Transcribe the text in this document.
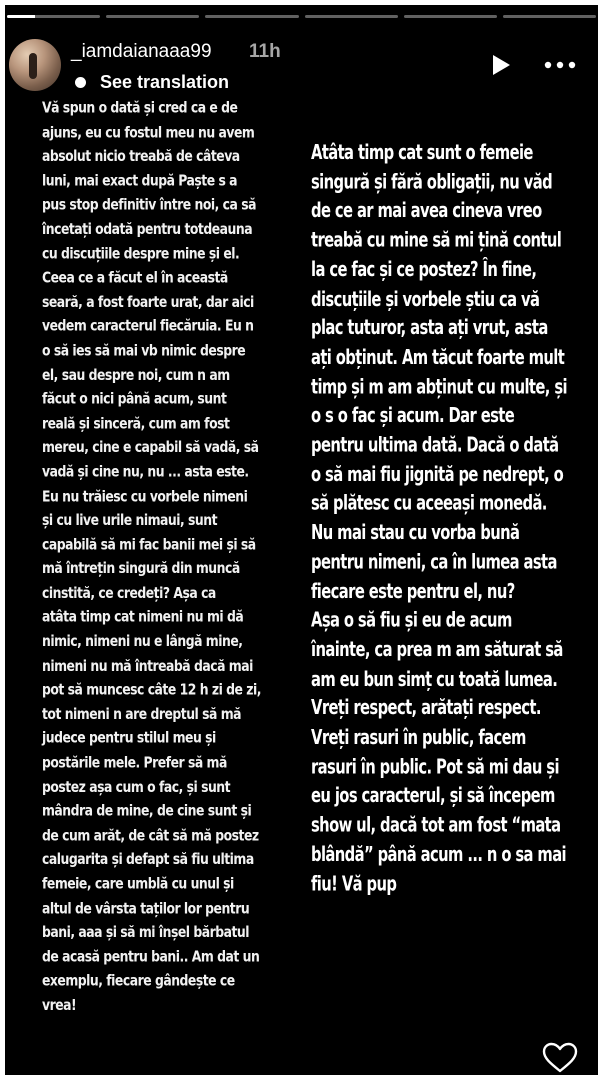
_iamdaianaaa99 11h
See translation
Vă spun o dată și cred ca e de
ajuns, eu cu fostul meu nu avem
absolut nicio treabă de câteva
luni, mai exact după Paște s a
pus stop definitiv între noi, ca să
încetați odată pentru totdeauna
cu discuțiile despre mine și el.
Ceea ce a făcut el în această
seară, a fost foarte urat, dar aici
vedem caracterul fiecăruia. Eu n
o să ies să mai vb nimic despre
el, sau despre noi, cum n am
făcut o nici până acum, sunt
reală și sinceră, cum am fost
mereu, cine e capabil să vadă, să
vadă și cine nu, nu ... asta este.
Eu nu trăiesc cu vorbele nimeni
și cu live urile nimaui, sunt
capabilă să mi fac banii mei și să
mă întrețin singură din muncă
cinstită, ce credeți? Așa ca
atâta timp cat nimeni nu mi dă
nimic, nimeni nu e lângă mine,
nimeni nu mă întreabă dacă mai
pot să muncesc câte 12 h zi de zi,
tot nimeni n are dreptul să mă
judece pentru stilul meu și
postările mele. Prefer să mă
postez așa cum o fac, și sunt
mândra de mine, de cine sunt și
de cum arăt, de cât să mă postez
calugarita și defapt să fiu ultima
femeie, care umblă cu unul și
altul de vârsta taților lor pentru
bani, aaa și să mi înșel bărbatul
de acasă pentru bani.. Am dat un
exemplu, fiecare gândește ce
vrea!
Atâta timp cat sunt o femeie
singură și fără obligații, nu văd
de ce ar mai avea cineva vreo
treabă cu mine să mi țină contul
la ce fac și ce postez? În fine,
discuțiile și vorbele știu ca vă
plac tuturor, asta ați vrut, asta
ați obținut. Am tăcut foarte mult
timp și m am abținut cu multe, și
o s o fac și acum. Dar este
pentru ultima dată. Dacă o dată
o să mai fiu jignită pe nedrept, o
să plătesc cu aceeași monedă.
Nu mai stau cu vorba bună
pentru nimeni, ca în lumea asta
fiecare este pentru el, nu?
Așa o să fiu și eu de acum
înainte, ca prea m am săturat să
am eu bun simț cu toată lumea.
Vreți respect, arătați respect.
Vreți rasuri în public, facem
rasuri în public. Pot să mi dau și
eu jos caracterul, și să începem
show ul, dacă tot am fost “mata
blândă” până acum ... n o sa mai
fiu! Vă pup
